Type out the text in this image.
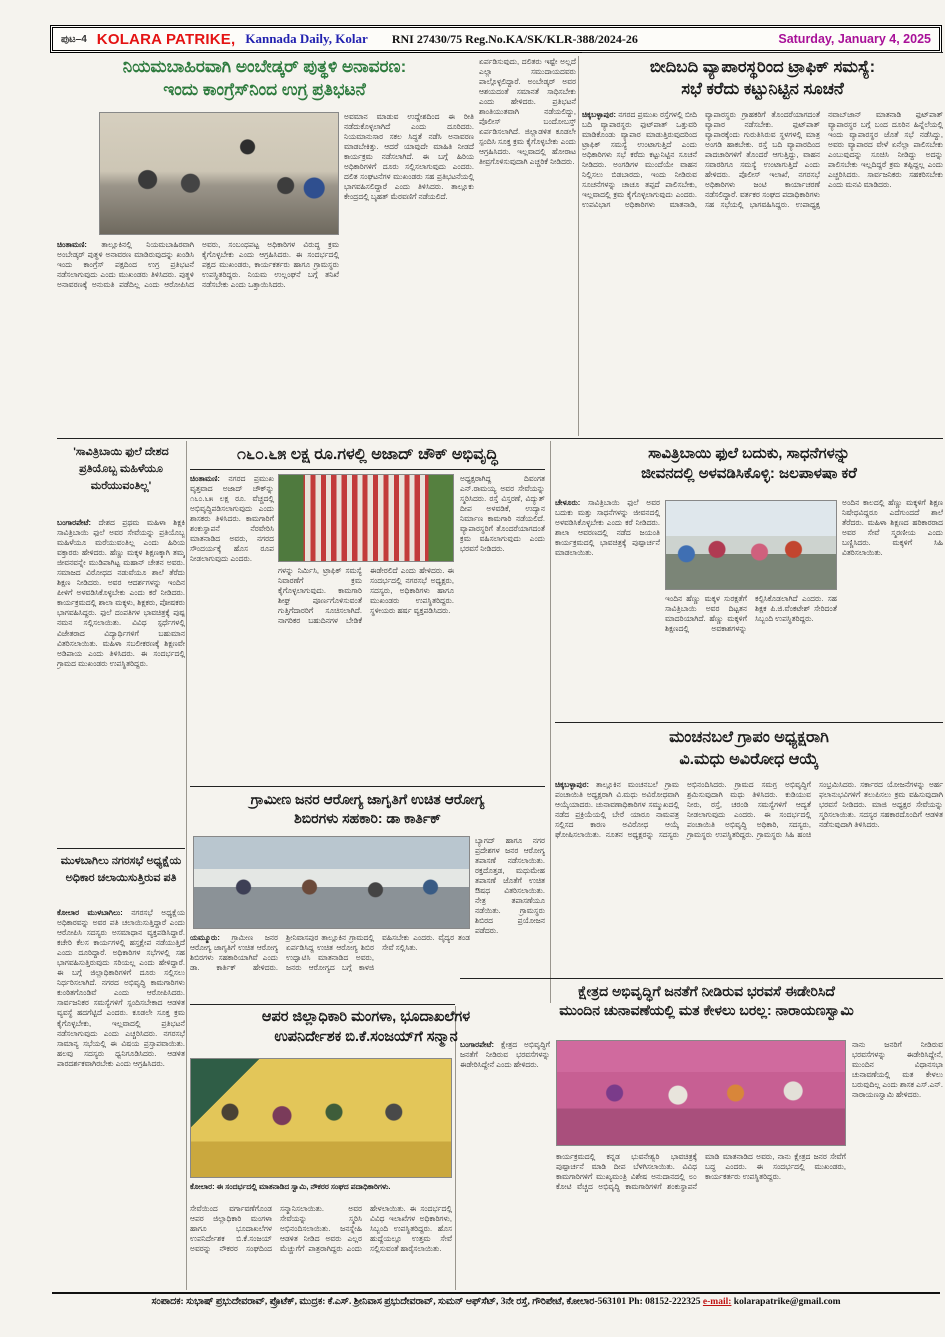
ಪುಟ–4 KOLARA PATRIKE, Kannada Daily, Kolar RNI 27430/75 Reg.No.KA/SK/KLR-388/2024-26	Saturday, January 4, 2025
ನಿಯಮಬಾಹಿರವಾಗಿ ಅಂಬೇಡ್ಕರ್ ಪುತ್ಥಳಿ ಅನಾವರಣ:
ಇಂದು ಕಾಂಗ್ರೆಸ್‌ನಿಂದ ಉಗ್ರ ಪ್ರತಿಭಟನೆ
ಚಿಂತಾಮಣಿ: ತಾಲ್ಲೂಕಿನಲ್ಲಿ ನಿಯಮಬಾಹಿರವಾಗಿ ಅಂಬೇಡ್ಕರ್ ಪುತ್ಥಳಿ ಅನಾವರಣ ಮಾಡಿರುವುದನ್ನು ಖಂಡಿಸಿ ಇಂದು ಕಾಂಗ್ರೆಸ್ ಪಕ್ಷದಿಂದ ಉಗ್ರ ಪ್ರತಿಭಟನೆ ನಡೆಸಲಾಗುವುದು ಎಂದು ಮುಖಂಡರು ತಿಳಿಸಿದರು. ಪುತ್ಥಳಿ ಅನಾವರಣಕ್ಕೆ ಅನುಮತಿ ಪಡೆದಿಲ್ಲ ಎಂದು ಆರೋಪಿಸಿದ ಅವರು, ಸಂಬಂಧಪಟ್ಟ ಅಧಿಕಾರಿಗಳ ವಿರುದ್ಧ ಕ್ರಮ ಕೈಗೊಳ್ಳಬೇಕು ಎಂದು ಆಗ್ರಹಿಸಿದರು. ಈ ಸಂದರ್ಭದಲ್ಲಿ ಪಕ್ಷದ ಮುಖಂಡರು, ಕಾರ್ಯಕರ್ತರು ಹಾಗೂ ಗ್ರಾಮಸ್ಥರು ಉಪಸ್ಥಿತರಿದ್ದರು. ನಿಯಮ ಉಲ್ಲಂಘನೆ ಬಗ್ಗೆ ತನಿಖೆ ನಡೆಸಬೇಕು ಎಂದು ಒತ್ತಾಯಿಸಿದರು.
ಅವಮಾನ ಮಾಡುವ ಉದ್ದೇಶದಿಂದ ಈ ರೀತಿ ನಡೆದುಕೊಳ್ಳಲಾಗಿದೆ ಎಂದು ದೂರಿದರು. ನಿಯಮಾನುಸಾರ ಸಕಲ ಸಿದ್ಧತೆ ನಡೆಸಿ ಅನಾವರಣ ಮಾಡಬೇಕಿತ್ತು. ಆದರೆ ಯಾವುದೇ ಮಾಹಿತಿ ನೀಡದೆ ಕಾರ್ಯಕ್ರಮ ನಡೆಸಲಾಗಿದೆ. ಈ ಬಗ್ಗೆ ಹಿರಿಯ ಅಧಿಕಾರಿಗಳಿಗೆ ದೂರು ಸಲ್ಲಿಸಲಾಗುವುದು ಎಂದರು. ದಲಿತ ಸಂಘಟನೆಗಳ ಮುಖಂಡರು ಸಹ ಪ್ರತಿಭಟನೆಯಲ್ಲಿ ಭಾಗವಹಿಸಲಿದ್ದಾರೆ ಎಂದು ತಿಳಿಸಿದರು. ತಾಲ್ಲೂಕು ಕೇಂದ್ರದಲ್ಲಿ ಬೃಹತ್ ಮೆರವಣಿಗೆ ನಡೆಯಲಿದೆ.
ಏರ್ಪಡಿಸುವುದು, ದಲಿತರು ಇಷ್ಟೇ ಅಲ್ಲದೆ ಎಲ್ಲಾ ಸಮುದಾಯದವರು ಪಾಲ್ಗೊಳ್ಳಲಿದ್ದಾರೆ. ಅಂಬೇಡ್ಕರ್ ಅವರ ಆಶಯದಂತೆ ಸಮಾನತೆ ಸಾಧಿಸಬೇಕು ಎಂದು ಹೇಳಿದರು. ಪ್ರತಿಭಟನೆ ಶಾಂತಿಯುತವಾಗಿ ನಡೆಯಲಿದ್ದು, ಪೊಲೀಸ್ ಬಂದೋಬಸ್ತ್ ಏರ್ಪಡಿಸಲಾಗಿದೆ. ಜಿಲ್ಲಾಡಳಿತ ಕೂಡಲೇ ಸ್ಪಂದಿಸಿ ಸೂಕ್ತ ಕ್ರಮ ಕೈಗೊಳ್ಳಬೇಕು ಎಂದು ಆಗ್ರಹಿಸಿದರು. ಇಲ್ಲವಾದಲ್ಲಿ ಹೋರಾಟ ತೀವ್ರಗೊಳಿಸುವುದಾಗಿ ಎಚ್ಚರಿಕೆ ನೀಡಿದರು.
ಬೀದಿಬದಿ ವ್ಯಾಪಾರಸ್ಥರಿಂದ ಟ್ರಾಫಿಕ್ ಸಮಸ್ಯೆ:
ಸಭೆ ಕರೆದು ಕಟ್ಟುನಿಟ್ಟಿನ ಸೂಚನೆ
ಚಿಕ್ಕಬಳ್ಳಾಪುರ: ನಗರದ ಪ್ರಮುಖ ರಸ್ತೆಗಳಲ್ಲಿ ಬೀದಿ ಬದಿ ವ್ಯಾಪಾರಸ್ಥರು ಫುಟ್‌ಪಾತ್ ಒತ್ತುವರಿ ಮಾಡಿಕೊಂಡು ವ್ಯಾಪಾರ ಮಾಡುತ್ತಿರುವುದರಿಂದ ಟ್ರಾಫಿಕ್ ಸಮಸ್ಯೆ ಉಂಟಾಗುತ್ತಿದೆ ಎಂದು ಅಧಿಕಾರಿಗಳು ಸಭೆ ಕರೆದು ಕಟ್ಟುನಿಟ್ಟಿನ ಸೂಚನೆ ನೀಡಿದರು. ಅಂಗಡಿಗಳ ಮುಂದೆಯೇ ವಾಹನ ನಿಲ್ಲಿಸಲು ಬಿಡಬಾರದು, ಇಂದು ನೀಡಿರುವ ಸೂಚನೆಗಳನ್ನು ಚಾಚೂ ತಪ್ಪದೆ ಪಾಲಿಸಬೇಕು, ಇಲ್ಲವಾದಲ್ಲಿ ಕ್ರಮ ಕೈಗೊಳ್ಳಲಾಗುವುದು ಎಂದರು. ಉಪವಿಭಾಗ ಅಧಿಕಾರಿಗಳು ಮಾತನಾಡಿ, ವ್ಯಾಪಾರಸ್ಥರು ಗ್ರಾಹಕರಿಗೆ ತೊಂದರೆಯಾಗದಂತೆ ವ್ಯಾಪಾರ ನಡೆಸಬೇಕು. ಫುಟ್‌ಪಾತ್ ವ್ಯಾಪಾರಕ್ಕೆಂದು ಗುರುತಿಸಿರುವ ಸ್ಥಳಗಳಲ್ಲಿ ಮಾತ್ರ ಅಂಗಡಿ ಹಾಕಬೇಕು. ರಸ್ತೆ ಬದಿ ವ್ಯಾಪಾರದಿಂದ ಪಾದಚಾರಿಗಳಿಗೆ ತೊಂದರೆ ಆಗುತ್ತಿದ್ದು, ವಾಹನ ಸವಾರರಿಗೂ ಸಮಸ್ಯೆ ಉಂಟಾಗುತ್ತಿದೆ ಎಂದು ಹೇಳಿದರು. ಪೊಲೀಸ್ ಇಲಾಖೆ, ನಗರಸಭೆ ಅಧಿಕಾರಿಗಳು ಜಂಟಿ ಕಾರ್ಯಾಚರಣೆ ನಡೆಸಲಿದ್ದಾರೆ. ವರ್ತಕರ ಸಂಘದ ಪದಾಧಿಕಾರಿಗಳು ಸಹ ಸಭೆಯಲ್ಲಿ ಭಾಗವಹಿಸಿದ್ದರು. ಉಪಾಧ್ಯಕ್ಷ ನವಾಬ್‌ಜಾನ್ ಮಾತನಾಡಿ ಫುಟ್‌ಪಾತ್ ವ್ಯಾಪಾರಸ್ಥರ ಬಗ್ಗೆ ಬಂದ ದೂರಿನ ಹಿನ್ನೆಲೆಯಲ್ಲಿ ಇಂದು ವ್ಯಾಪಾರಸ್ಥರ ಜೊತೆ ಸಭೆ ನಡೆಸಿದ್ದು, ಅವರು ವ್ಯಾಪಾರದ ವೇಳೆ ಏನೆಲ್ಲಾ ಪಾಲಿಸಬೇಕು ಎಂಬುವುದನ್ನು ಸೂಚಿಸಿ ನೀಡಿದ್ದು ಅದನ್ನು ಪಾಲಿಸಬೇಕು ಇಲ್ಲದಿದ್ದರೆ ಕ್ರಮ ತಪ್ಪಿದ್ದಲ್ಲ ಎಂದು ಎಚ್ಚರಿಸಿದರು. ಸಾರ್ವಜನಿಕರು ಸಹಕರಿಸಬೇಕು ಎಂದು ಮನವಿ ಮಾಡಿದರು.
'ಸಾವಿತ್ರಿಬಾಯಿ ಫುಲೆ ದೇಶದ ಪ್ರತಿಯೊಬ್ಬ ಮಹಿಳೆಯೂ ಮರೆಯುವಂತಿಲ್ಲ'
ಬಂಗಾರಪೇಟೆ: ದೇಶದ ಪ್ರಥಮ ಮಹಿಳಾ ಶಿಕ್ಷಕಿ ಸಾವಿತ್ರಿಬಾಯಿ ಫುಲೆ ಅವರ ಸೇವೆಯನ್ನು ಪ್ರತಿಯೊಬ್ಬ ಮಹಿಳೆಯೂ ಮರೆಯುವಂತಿಲ್ಲ ಎಂದು ಹಿರಿಯ ವಕ್ತಾರರು ಹೇಳಿದರು. ಹೆಣ್ಣು ಮಕ್ಕಳ ಶಿಕ್ಷಣಕ್ಕಾಗಿ ತಮ್ಮ ಜೀವನವನ್ನೇ ಮುಡಿಪಾಗಿಟ್ಟ ಮಹಾನ್ ಚೇತನ ಅವರು. ಸಮಾಜದ ವಿರೋಧದ ನಡುವೆಯೂ ಶಾಲೆ ತೆರೆದು ಶಿಕ್ಷಣ ನೀಡಿದರು. ಅವರ ಆದರ್ಶಗಳನ್ನು ಇಂದಿನ ಪೀಳಿಗೆ ಅಳವಡಿಸಿಕೊಳ್ಳಬೇಕು ಎಂದು ಕರೆ ನೀಡಿದರು. ಕಾರ್ಯಕ್ರಮದಲ್ಲಿ ಶಾಲಾ ಮಕ್ಕಳು, ಶಿಕ್ಷಕರು, ಪೋಷಕರು ಭಾಗವಹಿಸಿದ್ದರು. ಫುಲೆ ದಂಪತಿಗಳ ಭಾವಚಿತ್ರಕ್ಕೆ ಪುಷ್ಪ ನಮನ ಸಲ್ಲಿಸಲಾಯಿತು. ವಿವಿಧ ಸ್ಪರ್ಧೆಗಳಲ್ಲಿ ವಿಜೇತರಾದ ವಿದ್ಯಾರ್ಥಿಗಳಿಗೆ ಬಹುಮಾನ ವಿತರಿಸಲಾಯಿತು. ಮಹಿಳಾ ಸಬಲೀಕರಣಕ್ಕೆ ಶಿಕ್ಷಣವೇ ಅಡಿಪಾಯ ಎಂದು ತಿಳಿಸಿದರು. ಈ ಸಂದರ್ಭದಲ್ಲಿ ಗ್ರಾಮದ ಮುಖಂಡರು ಉಪಸ್ಥಿತರಿದ್ದರು.
ಮುಳಬಾಗಿಲು ನಗರಸಭೆ ಅಧ್ಯಕ್ಷೆಯ ಅಧಿಕಾರ ಚಲಾಯಿಸುತ್ತಿರುವ ಪತಿ
ಕೋಲಾರ ಮುಳಬಾಗಿಲು: ನಗರಸಭೆ ಅಧ್ಯಕ್ಷೆಯ ಅಧಿಕಾರವನ್ನು ಅವರ ಪತಿ ಚಲಾಯಿಸುತ್ತಿದ್ದಾರೆ ಎಂದು ಆರೋಪಿಸಿ ಸದಸ್ಯರು ಅಸಮಾಧಾನ ವ್ಯಕ್ತಪಡಿಸಿದ್ದಾರೆ. ಕಚೇರಿ ಕೆಲಸ ಕಾರ್ಯಗಳಲ್ಲಿ ಹಸ್ತಕ್ಷೇಪ ನಡೆಯುತ್ತಿದೆ ಎಂದು ದೂರಿದ್ದಾರೆ. ಅಧಿಕಾರಿಗಳ ಸಭೆಗಳಲ್ಲಿ ಸಹ ಭಾಗವಹಿಸುತ್ತಿರುವುದು ಸರಿಯಲ್ಲ ಎಂದು ಹೇಳಿದ್ದಾರೆ. ಈ ಬಗ್ಗೆ ಜಿಲ್ಲಾಧಿಕಾರಿಗಳಿಗೆ ದೂರು ಸಲ್ಲಿಸಲು ನಿರ್ಧರಿಸಲಾಗಿದೆ. ನಗರದ ಅಭಿವೃದ್ಧಿ ಕಾಮಗಾರಿಗಳು ಕುಂಠಿತಗೊಂಡಿವೆ ಎಂದು ಆರೋಪಿಸಿದರು. ಸಾರ್ವಜನಿಕರ ಸಮಸ್ಯೆಗಳಿಗೆ ಸ್ಪಂದಿಸಬೇಕಾದ ಆಡಳಿತ ವ್ಯವಸ್ಥೆ ಹದಗೆಟ್ಟಿದೆ ಎಂದರು. ಕೂಡಲೇ ಸೂಕ್ತ ಕ್ರಮ ಕೈಗೊಳ್ಳಬೇಕು, ಇಲ್ಲವಾದಲ್ಲಿ ಪ್ರತಿಭಟನೆ ನಡೆಸಲಾಗುವುದು ಎಂದು ಎಚ್ಚರಿಸಿದರು. ನಗರಸಭೆ ಸಾಮಾನ್ಯ ಸಭೆಯಲ್ಲಿ ಈ ವಿಷಯ ಪ್ರಸ್ತಾಪವಾಯಿತು. ಹಲವು ಸದಸ್ಯರು ಧ್ವನಿಗೂಡಿಸಿದರು. ಆಡಳಿತ ಪಾರದರ್ಶಕವಾಗಿರಬೇಕು ಎಂದು ಆಗ್ರಹಿಸಿದರು.
೧೬೦.೬೫ ಲಕ್ಷ ರೂ.ಗಳಲ್ಲಿ ಅಜಾದ್ ಚೌಕ್ ಅಭಿವೃದ್ಧಿ
ಚಿಂತಾಮಣಿ: ನಗರದ ಪ್ರಮುಖ ವೃತ್ತವಾದ ಅಜಾದ್ ಚೌಕ್‌ನ್ನು ೧೬೦.೬೫ ಲಕ್ಷ ರೂ. ವೆಚ್ಚದಲ್ಲಿ ಅಭಿವೃದ್ಧಿಪಡಿಸಲಾಗುವುದು ಎಂದು ಶಾಸಕರು ತಿಳಿಸಿದರು. ಕಾಮಗಾರಿಗೆ ಶಂಕುಸ್ಥಾಪನೆ ನೆರವೇರಿಸಿ ಮಾತನಾಡಿದ ಅವರು, ನಗರದ ಸೌಂದರ್ಯಕ್ಕೆ ಹೊಸ ರೂಪ ನೀಡಲಾಗುವುದು ಎಂದರು.
ಅಧ್ಯಕ್ಷರಾಗಿದ್ದ ದಿವಂಗತ ಎನ್.ರಾಮಯ್ಯ ಅವರ ಸೇವೆಯನ್ನು ಸ್ಮರಿಸಿದರು. ರಸ್ತೆ ವಿಸ್ತರಣೆ, ವಿದ್ಯುತ್ ದೀಪ ಅಳವಡಿಕೆ, ಉದ್ಯಾನ ನಿರ್ಮಾಣ ಕಾಮಗಾರಿ ನಡೆಯಲಿದೆ. ವ್ಯಾಪಾರಸ್ಥರಿಗೆ ತೊಂದರೆಯಾಗದಂತೆ ಕ್ರಮ ವಹಿಸಲಾಗುವುದು ಎಂದು ಭರವಸೆ ನೀಡಿದರು.
ಗಳನ್ನು ನಿರ್ಮಿಸಿ, ಟ್ರಾಫಿಕ್ ಸಮಸ್ಯೆ ನಿವಾರಣೆಗೆ ಕ್ರಮ ಕೈಗೊಳ್ಳಲಾಗುವುದು. ಕಾಮಗಾರಿ ಶೀಘ್ರ ಪೂರ್ಣಗೊಳಿಸುವಂತೆ ಗುತ್ತಿಗೆದಾರರಿಗೆ ಸೂಚಿಸಲಾಗಿದೆ. ನಾಗರಿಕರ ಬಹುದಿನಗಳ ಬೇಡಿಕೆ ಈಡೇರಲಿದೆ ಎಂದು ಹೇಳಿದರು. ಈ ಸಂದರ್ಭದಲ್ಲಿ ನಗರಸಭೆ ಅಧ್ಯಕ್ಷರು, ಸದಸ್ಯರು, ಅಧಿಕಾರಿಗಳು ಹಾಗೂ ಮುಖಂಡರು ಉಪಸ್ಥಿತರಿದ್ದರು. ಸ್ಥಳೀಯರು ಹರ್ಷ ವ್ಯಕ್ತಪಡಿಸಿದರು.
ಸಾವಿತ್ರಿಬಾಯಿ ಫುಲೆ ಬದುಕು, ಸಾಧನೆಗಳನ್ನು
ಜೀವನದಲ್ಲಿ ಅಳವಡಿಸಿಕೊಳ್ಳಿ: ಜಲಪಾಳಷಾ ಕರೆ
ಚೇಳೂರು: ಸಾವಿತ್ರಿಬಾಯಿ ಫುಲೆ ಅವರ ಬದುಕು ಮತ್ತು ಸಾಧನೆಗಳನ್ನು ಜೀವನದಲ್ಲಿ ಅಳವಡಿಸಿಕೊಳ್ಳಬೇಕು ಎಂದು ಕರೆ ನೀಡಿದರು. ಶಾಲಾ ಆವರಣದಲ್ಲಿ ನಡೆದ ಜಯಂತಿ ಕಾರ್ಯಕ್ರಮದಲ್ಲಿ ಭಾವಚಿತ್ರಕ್ಕೆ ಪುಷ್ಪಾರ್ಚನೆ ಮಾಡಲಾಯಿತು.
ಅಂದಿನ ಕಾಲದಲ್ಲಿ ಹೆಣ್ಣು ಮಕ್ಕಳಿಗೆ ಶಿಕ್ಷಣ ನಿಷೇಧವಿದ್ದರೂ ಎದೆಗುಂದದೆ ಶಾಲೆ ತೆರೆದರು. ಮಹಿಳಾ ಶಿಕ್ಷಣದ ಹರಿಕಾರರಾದ ಅವರ ಸೇವೆ ಸ್ಮರಣೀಯ ಎಂದು ಬಣ್ಣಿಸಿದರು. ಮಕ್ಕಳಿಗೆ ಸಿಹಿ ವಿತರಿಸಲಾಯಿತು.
ಇಂದಿನ ಹೆಣ್ಣು ಮಕ್ಕಳ ಸುರಕ್ಷತೆಗೆ ಸಾವಿತ್ರಿಬಾಯಿ ಅವರ ದಿಟ್ಟತನ ಮಾದರಿಯಾಗಿದೆ. ಹೆಣ್ಣು ಮಕ್ಕಳಿಗೆ ಶಿಕ್ಷಣದಲ್ಲಿ ಅವಕಾಶಗಳನ್ನು ಕಲ್ಪಿಸಿಕೊಡಲಾಗಿದೆ ಎಂದರು. ಸಹ ಶಿಕ್ಷಕ ಪಿ.ಜಿ.ವೆಂಕಟೇಶ್ ಸೇರಿದಂತೆ ಸಿಬ್ಬಂದಿ ಉಪಸ್ಥಿತರಿದ್ದರು.
ಮಂಚನಬಲೆ ಗ್ರಾಪಂ ಅಧ್ಯಕ್ಷರಾಗಿ
ವಿ.ಮಧು ಅವಿರೋಧ ಆಯ್ಕೆ
ಚಿಕ್ಕಬಳ್ಳಾಪುರ: ತಾಲ್ಲೂಕಿನ ಮಂಚನಬಲೆ ಗ್ರಾಮ ಪಂಚಾಯಿತಿ ಅಧ್ಯಕ್ಷರಾಗಿ ವಿ.ಮಧು ಅವಿರೋಧವಾಗಿ ಆಯ್ಕೆಯಾದರು. ಚುನಾವಣಾಧಿಕಾರಿಗಳ ಸಮ್ಮುಖದಲ್ಲಿ ನಡೆದ ಪ್ರಕ್ರಿಯೆಯಲ್ಲಿ ಬೇರೆ ಯಾರೂ ನಾಮಪತ್ರ ಸಲ್ಲಿಸದ ಕಾರಣ ಅವಿರೋಧ ಆಯ್ಕೆ ಘೋಷಿಸಲಾಯಿತು. ನೂತನ ಅಧ್ಯಕ್ಷರನ್ನು ಸದಸ್ಯರು ಅಭಿನಂದಿಸಿದರು. ಗ್ರಾಮದ ಸಮಗ್ರ ಅಭಿವೃದ್ಧಿಗೆ ಶ್ರಮಿಸುವುದಾಗಿ ಮಧು ತಿಳಿಸಿದರು. ಕುಡಿಯುವ ನೀರು, ರಸ್ತೆ, ಚರಂಡಿ ಸಮಸ್ಯೆಗಳಿಗೆ ಆದ್ಯತೆ ನೀಡಲಾಗುವುದು ಎಂದರು. ಈ ಸಂದರ್ಭದಲ್ಲಿ ಪಂಚಾಯಿತಿ ಅಭಿವೃದ್ಧಿ ಅಧಿಕಾರಿ, ಸದಸ್ಯರು, ಗ್ರಾಮಸ್ಥರು ಉಪಸ್ಥಿತರಿದ್ದರು. ಗ್ರಾಮಸ್ಥರು ಸಿಹಿ ಹಂಚಿ ಸಂಭ್ರಮಿಸಿದರು. ಸರ್ಕಾರದ ಯೋಜನೆಗಳನ್ನು ಅರ್ಹ ಫಲಾನುಭವಿಗಳಿಗೆ ತಲುಪಿಸಲು ಕ್ರಮ ವಹಿಸುವುದಾಗಿ ಭರವಸೆ ನೀಡಿದರು. ಮಾಜಿ ಅಧ್ಯಕ್ಷರ ಸೇವೆಯನ್ನು ಸ್ಮರಿಸಲಾಯಿತು. ಸದಸ್ಯರ ಸಹಕಾರದೊಂದಿಗೆ ಆಡಳಿತ ನಡೆಸುವುದಾಗಿ ತಿಳಿಸಿದರು.
ಗ್ರಾಮೀಣ ಜನರ ಆರೋಗ್ಯ ಜಾಗೃತಿಗೆ ಉಚಿತ ಆರೋಗ್ಯ
ಶಿಬಿರಗಳು ಸಹಕಾರಿ: ಡಾ ಕಾರ್ತಿಕ್
ಬ್ಯಾಗದ್ ಹಾಗೂ ನಗರ ಪ್ರದೇಶಗಳ ಜನರ ಆರೋಗ್ಯ ತಪಾಸಣೆ ನಡೆಸಲಾಯಿತು. ರಕ್ತದೊತ್ತಡ, ಮಧುಮೇಹ ತಪಾಸಣೆ ಜೊತೆಗೆ ಉಚಿತ ಔಷಧ ವಿತರಿಸಲಾಯಿತು. ನೇತ್ರ ತಪಾಸಣೆಯೂ ನಡೆಯಿತು. ಗ್ರಾಮಸ್ಥರು ಶಿಬಿರದ ಪ್ರಯೋಜನ ಪಡೆದರು.
ಯಮ್ಮೂರು: ಗ್ರಾಮೀಣ ಜನರ ಆರೋಗ್ಯ ಜಾಗೃತಿಗೆ ಉಚಿತ ಆರೋಗ್ಯ ಶಿಬಿರಗಳು ಸಹಕಾರಿಯಾಗಿವೆ ಎಂದು ಡಾ. ಕಾರ್ತಿಕ್ ಹೇಳಿದರು. ಶ್ರೀನಿವಾಸಪುರ ತಾಲ್ಲೂಕಿನ ಗ್ರಾಮದಲ್ಲಿ ಏರ್ಪಡಿಸಿದ್ದ ಉಚಿತ ಆರೋಗ್ಯ ಶಿಬಿರ ಉದ್ಘಾಟಿಸಿ ಮಾತನಾಡಿದ ಅವರು, ಜನರು ಆರೋಗ್ಯದ ಬಗ್ಗೆ ಕಾಳಜಿ ವಹಿಸಬೇಕು ಎಂದರು. ವೈದ್ಯರ ತಂಡ ಸೇವೆ ಸಲ್ಲಿಸಿತು.
ಆಪರ ಜಿಲ್ಲಾಧಿಕಾರಿ ಮಂಗಳಾ, ಭೂದಾಖಲೆಗಳ
ಉಪನಿರ್ದೇಶಕ ಬಿ.ಕೆ.ಸಂಜಯ್‌ಗೆ ಸನ್ಮಾನ
ಕೋಲಾರ: ಈ ಸಂದರ್ಭದಲ್ಲಿ ಮಾತನಾಡಿದ ಸ್ವಾಮಿ, ನೌಕರರ ಸಂಘದ ಪದಾಧಿಕಾರಿಗಳು.
ಸೇವೆಯಿಂದ ವರ್ಗಾವಣೆಗೊಂಡ ಆಪರ ಜಿಲ್ಲಾಧಿಕಾರಿ ಮಂಗಳಾ ಹಾಗೂ ಭೂದಾಖಲೆಗಳ ಉಪನಿರ್ದೇಶಕ ಬಿ.ಕೆ.ಸಂಜಯ್ ಅವರನ್ನು ನೌಕರರ ಸಂಘದಿಂದ ಸನ್ಮಾನಿಸಲಾಯಿತು. ಅವರ ಸೇವೆಯನ್ನು ಸ್ಮರಿಸಿ ಅಭಿನಂದಿಸಲಾಯಿತು. ಜನಸ್ನೇಹಿ ಆಡಳಿತ ನೀಡಿದ ಅವರು ಎಲ್ಲರ ಮೆಚ್ಚುಗೆಗೆ ಪಾತ್ರರಾಗಿದ್ದರು ಎಂದು ಹೇಳಲಾಯಿತು. ಈ ಸಂದರ್ಭದಲ್ಲಿ ವಿವಿಧ ಇಲಾಖೆಗಳ ಅಧಿಕಾರಿಗಳು, ಸಿಬ್ಬಂದಿ ಉಪಸ್ಥಿತರಿದ್ದರು. ಹೊಸ ಹುದ್ದೆಯಲ್ಲೂ ಉತ್ತಮ ಸೇವೆ ಸಲ್ಲಿಸುವಂತೆ ಹಾರೈಸಲಾಯಿತು.
ಕ್ಷೇತ್ರದ ಅಭಿವೃದ್ಧಿಗೆ ಜನತೆಗೆ ನೀಡಿರುವ ಭರವಸೆ ಈಡೇರಿಸಿದೆ
ಮುಂದಿನ ಚುನಾವಣೆಯಲ್ಲಿ ಮತ ಕೇಳಲು ಬರಲ್ಲ: ನಾರಾಯಣಸ್ವಾಮಿ
ಬಂಗಾರಪೇಟೆ: ಕ್ಷೇತ್ರದ ಅಭಿವೃದ್ಧಿಗೆ ಜನತೆಗೆ ನೀಡಿರುವ ಭರವಸೆಗಳನ್ನು ಈಡೇರಿಸಿದ್ದೇನೆ ಎಂದು ಹೇಳಿದರು.
ಕಾರ್ಯಕ್ರಮದಲ್ಲಿ ಕನ್ನಡ ಭುವನೇಶ್ವರಿ ಭಾವಚಿತ್ರಕ್ಕೆ ಪುಷ್ಪಾರ್ಚನೆ ಮಾಡಿ ದೀಪ ಬೆಳಗಿಸಲಾಯಿತು. ವಿವಿಧ ಕಾಮಗಾರಿಗಳಿಗೆ ಮುಖ್ಯಮಂತ್ರಿ ವಿಶೇಷ ಅನುದಾನದಲ್ಲಿ ೮೦ ಕೋಟಿ ವೆಚ್ಚದ ಅಭಿವೃದ್ಧಿ ಕಾಮಗಾರಿಗಳಿಗೆ ಶಂಕುಸ್ಥಾಪನೆ ಮಾಡಿ ಮಾತನಾಡಿದ ಅವರು, ನಾನು ಕ್ಷೇತ್ರದ ಜನರ ಸೇವೆಗೆ ಬದ್ಧ ಎಂದರು. ಈ ಸಂದರ್ಭದಲ್ಲಿ ಮುಖಂಡರು, ಕಾರ್ಯಕರ್ತರು ಉಪಸ್ಥಿತರಿದ್ದರು.
ನಾನು ಜನರಿಗೆ ನೀಡಿರುವ ಭರವಸೆಗಳನ್ನು ಈಡೇರಿಸಿದ್ದೇನೆ, ಮುಂದಿನ ವಿಧಾನಸಭಾ ಚುನಾವಣೆಯಲ್ಲಿ ಮತ ಕೇಳಲು ಬರುವುದಿಲ್ಲ ಎಂದು ಶಾಸಕ ಎಸ್.ಎನ್. ನಾರಾಯಣಸ್ವಾಮಿ ಹೇಳಿದರು.
ಸಂಪಾದಕ: ಸುಭಾಷ್ ಪ್ರಭುದೇವರಾವ್, ಪ್ರೊಟೆಕ್, ಮುದ್ರಕ: ಕೆ.ಎಸ್. ಶ್ರೀನಿವಾಸ ಪ್ರಭುದೇವರಾವ್, ಸುಮನ್ ಆಫ್‌ಸೆಟ್, 3ನೇ ರಸ್ತೆ, ಗೌರಿಪೇಟೆ, ಕೋಲಾರ-563101 Ph: 08152-222325 e-mail: kolarapatrike@gmail.com
